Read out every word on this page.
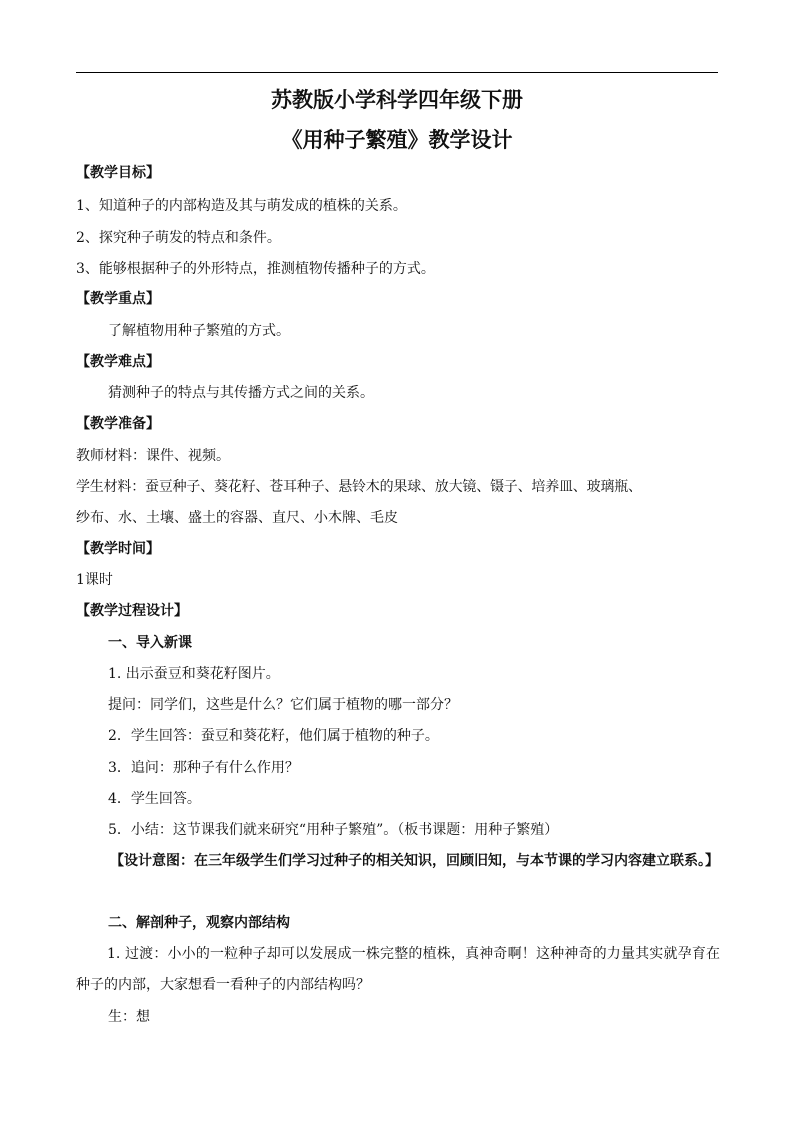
苏教版小学科学四年级下册
《用种子繁殖》教学设计
【教学目标】
1、知道种子的内部构造及其与萌发成的植株的关系。
2、探究种子萌发的特点和条件。
3、能够根据种子的外形特点，推测植物传播种子的方式。
【教学重点】
了解植物用种子繁殖的方式。
【教学难点】
猜测种子的特点与其传播方式之间的关系。
【教学准备】
教师材料：课件、视频。
学生材料：蚕豆种子、葵花籽、苍耳种子、悬铃木的果球、放大镜、镊子、培养皿、玻璃瓶、
纱布、水、土壤、盛土的容器、直尺、小木牌、毛皮
【教学时间】
1课时
【教学过程设计】
一、导入新课
1. 出示蚕豆和葵花籽图片。
提问：同学们，这些是什么？它们属于植物的哪一部分？
2．学生回答：蚕豆和葵花籽，他们属于植物的种子。
3．追问：那种子有什么作用？
4．学生回答。
5．小结：这节课我们就来研究“用种子繁殖”。（板书课题：用种子繁殖）
【设计意图：在三年级学生们学习过种子的相关知识，回顾旧知，与本节课的学习内容建立联系。】
二、解剖种子，观察内部结构
1. 过渡：小小的一粒种子却可以发展成一株完整的植株，真神奇啊！这种神奇的力量其实就孕育在种子的内部，大家想看一看种子的内部结构吗？
生：想
